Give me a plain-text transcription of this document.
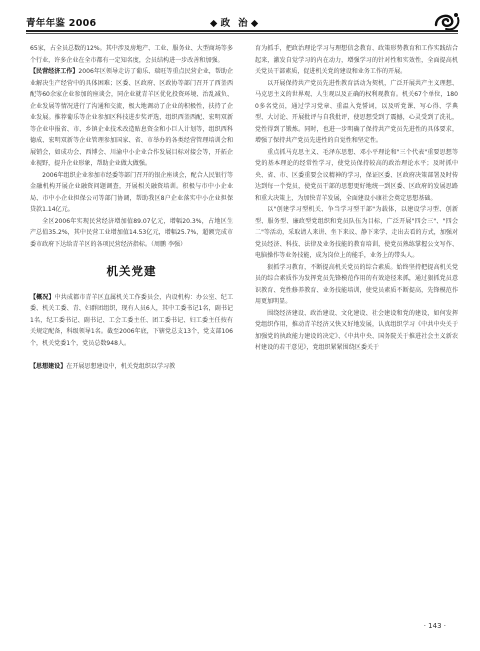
青年年鉴 2006	◆ 政 治 ◆

65家，占全员总数的12%。其中涉及房地产、工业、服务业、大型商场等多个行业，许多企业在全市都有一定知名度，会员结构进一步改善和加强。

【民营经济工作】2006年区领导走访了葡乐、瑞旺等重点民营企业，帮助企业解决生产经营中的具体困难；区委、区政府、区政协等部门召开了西釜西配等60余家企业参加的座谈会，同企业就青羊区优化投资环境、治乱减负、企业发展等情况进行了沟通和交流，极大地调动了企业的积极性，扶持了企业发展。推荐葡乐等企业参加区科技进步奖评选，组织西釜西配、宏明双新等企业申报省、市、乡镇企业技术改造贴息资金和小巨人计划等，组织西科德成、宏明双新等企业管理参加国家、省、市举办的各类经营管理培训会和展销会，如成功会、西博会、川渝中小企业合作发展目标对接会等，开拓企业视野，提升企业形象，帮助企业做大做强。

2006年组织企业参加市经委等部门召开的银企座谈会，配合人民银行等金融机构开展企业融资问题调查，开展相关融资培训。积极与市中小企业局、市中小企业担保公司等部门协调，帮助我区8户企业落实中小企业担保贷款1.14亿元。

全区2006年实现民营经济增加值89.07亿元，增幅20.3%，占地区生产总值35.2%，其中民营工业增加值14.53亿元，增幅25.7%，超额完成市委市政府下达给青羊区的各项民营经济指标。（周鹏 李强）

机关党建

【概况】中共成都市青羊区直属机关工作委员会，内设机构：办公室、纪工委、机关工委、青、妇群团组织，现有人员6人，其中工委书记1名，副书记1名，纪工委书记、副书记、工会工委主任、团工委书记、妇工委主任按有关规定配备，科级领导1名。截至2006年底，下辖党总支13个，党支部106个，机关党委1个，党员总数948人。

【思想建设】在开展思想建设中，机关党组织以学习教

育为抓手，把政治理论学习与理想信念教育、政策形势教育和工作实践结合起来，激发自觉学习的内在动力，增强学习的针对性和实效性，全面提高机关党员干部素质，促进机关党的建设和业务工作的开展。

以开展保持共产党员先进性教育活动为契机，广泛开展共产主义理想、马克思主义的世界观、人生观以及正确的权利观教育。机关67个单位，1800多名党员，通过学习党章、重温入党誓词，以及听党课、写心得、学典型、大讨论、开展批评与自我批评，使思想受到了震撼，心灵受到了洗礼，党性得到了锻炼。同时，也进一步明确了保持共产党员先进性的具体要求，增强了保持共产党员先进性的自觉性和坚定性。

重点抓马克思主义、毛泽东思想、邓小平理论和"三个代表"重要思想等党的基本理论的经常性学习，使党员保持较高的政治理论水平；及时抓中央、省、市、区委重要会议精神的学习，保证区委、区政府决策部署及时传达到每一个党员，使党员干部的思想更好地统一到区委、区政府的发展思路和重大决策上，为加快青羊发展，全面建设小康社会奠定思想基础。

以"创建学习型机关、争当学习型干部"为载体，以建设学习型、创新型、服务型、廉政型党组织和党员队伍为目标，广泛开展"四会三"、"四会二"等活动，采取请人来讲、坐下来议、静下来学、走出去看的方式，加强对党员经济、科技、法律及业务技能的教育培训，使党员熟练掌握公文写作、电脑操作等业务技能，成为岗位上的能手，业务上的带头人。

狠抓学习教育，不断提高机关党员的综合素质。始终坚持把提高机关党员的综合素质作为发挥党员先锋模范作用的有效途径来抓，通过狠抓党员意识教育、党性修养教育、业务技能培训，使党员素质不断提高，先锋模范作用更加明显。

围绕经济建设、政治建设、文化建设、社会建设和党的建设，如何发挥党组织作用，推动青羊经济又快又好地发展，认真组织学习《中共中央关于加强党的执政能力建设的决定》、《中共中央、国务院关于推进社会主义新农村建设的若干意见》，党组织紧紧围绕区委关于

· 143 ·
